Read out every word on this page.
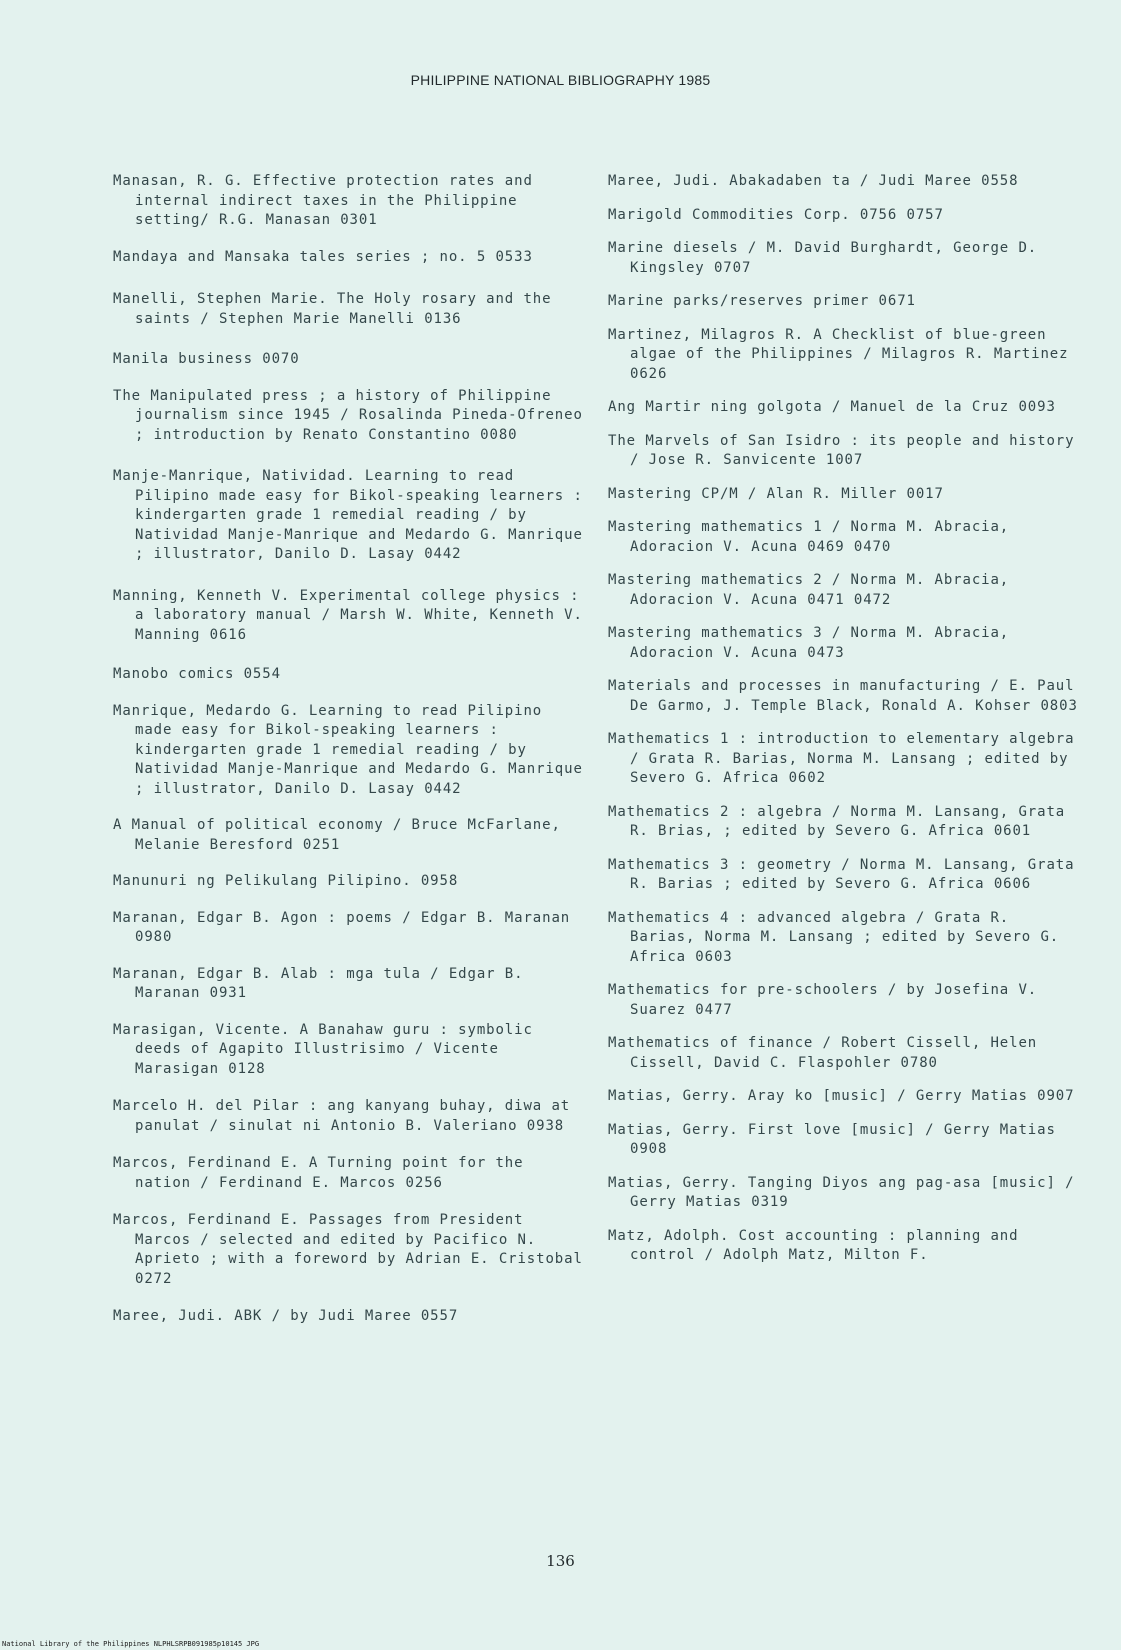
PHILIPPINE NATIONAL BIBLIOGRAPHY 1985
Manasan, R. G. Effective protection rates and internal indirect taxes in the Philippine setting/ R.G. Manasan 0301
Mandaya and Mansaka tales series ; no. 5 0533
Manelli, Stephen Marie. The Holy rosary and the saints / Stephen Marie Manelli 0136
Manila business 0070
The Manipulated press ; a history of Philippine journalism since 1945 / Rosalinda Pineda-Ofreneo ; introduction by Renato Constantino 0080
Manje-Manrique, Natividad. Learning to read Pilipino made easy for Bikol-speaking learners : kindergarten grade 1 remedial reading / by Natividad Manje-Manrique and Medardo G. Manrique ; illustrator, Danilo D. Lasay 0442
Manning, Kenneth V. Experimental college physics : a laboratory manual / Marsh W. White, Kenneth V. Manning 0616
Manobo comics 0554
Manrique, Medardo G. Learning to read Pilipino made easy for Bikol-speaking learners : kindergarten grade 1 remedial reading / by Natividad Manje-Manrique and Medardo G. Manrique ; illustrator, Danilo D. Lasay 0442
A Manual of political economy / Bruce McFarlane, Melanie Beresford 0251
Manunuri ng Pelikulang Pilipino. 0958
Maranan, Edgar B. Agon : poems / Edgar B. Maranan 0980
Maranan, Edgar B. Alab : mga tula / Edgar B. Maranan 0931
Marasigan, Vicente. A Banahaw guru : symbolic deeds of Agapito Illustrisimo / Vicente Marasigan 0128
Marcelo H. del Pilar : ang kanyang buhay, diwa at panulat / sinulat ni Antonio B. Valeriano 0938
Marcos, Ferdinand E. A Turning point for the nation / Ferdinand E. Marcos 0256
Marcos, Ferdinand E. Passages from President Marcos / selected and edited by Pacifico N. Aprieto ; with a foreword by Adrian E. Cristobal 0272
Maree, Judi. ABK / by Judi Maree 0557
Maree, Judi. Abakadaben ta / Judi Maree 0558
Marigold Commodities Corp. 0756 0757
Marine diesels / M. David Burghardt, George D. Kingsley 0707
Marine parks/reserves primer 0671
Martinez, Milagros R. A Checklist of blue-green algae of the Philippines / Milagros R. Martinez 0626
Ang Martir ning golgota / Manuel de la Cruz 0093
The Marvels of San Isidro : its people and history / Jose R. Sanvicente 1007
Mastering CP/M / Alan R. Miller 0017
Mastering mathematics 1 / Norma M. Abracia, Adoracion V. Acuna 0469 0470
Mastering mathematics 2 / Norma M. Abracia, Adoracion V. Acuna 0471 0472
Mastering mathematics 3 / Norma M. Abracia, Adoracion V. Acuna 0473
Materials and processes in manufacturing / E. Paul De Garmo, J. Temple Black, Ronald A. Kohser 0803
Mathematics 1 : introduction to elementary algebra / Grata R. Barias, Norma M. Lansang ; edited by Severo G. Africa 0602
Mathematics 2 : algebra / Norma M. Lansang, Grata R. Brias, ; edited by Severo G. Africa 0601
Mathematics 3 : geometry / Norma M. Lansang, Grata R. Barias ; edited by Severo G. Africa 0606
Mathematics 4 : advanced algebra / Grata R. Barias, Norma M. Lansang ; edited by Severo G. Africa 0603
Mathematics for pre-schoolers / by Josefina V. Suarez 0477
Mathematics of finance / Robert Cissell, Helen Cissell, David C. Flaspohler 0780
Matias, Gerry. Aray ko [music] / Gerry Matias 0907
Matias, Gerry. First love [music] / Gerry Matias 0908
Matias, Gerry. Tanging Diyos ang pag-asa [music] / Gerry Matias 0319
Matz, Adolph. Cost accounting : planning and control / Adolph Matz, Milton F.
136
National Library of the Philippines NLPHLSRPB091985p10145 JPG
